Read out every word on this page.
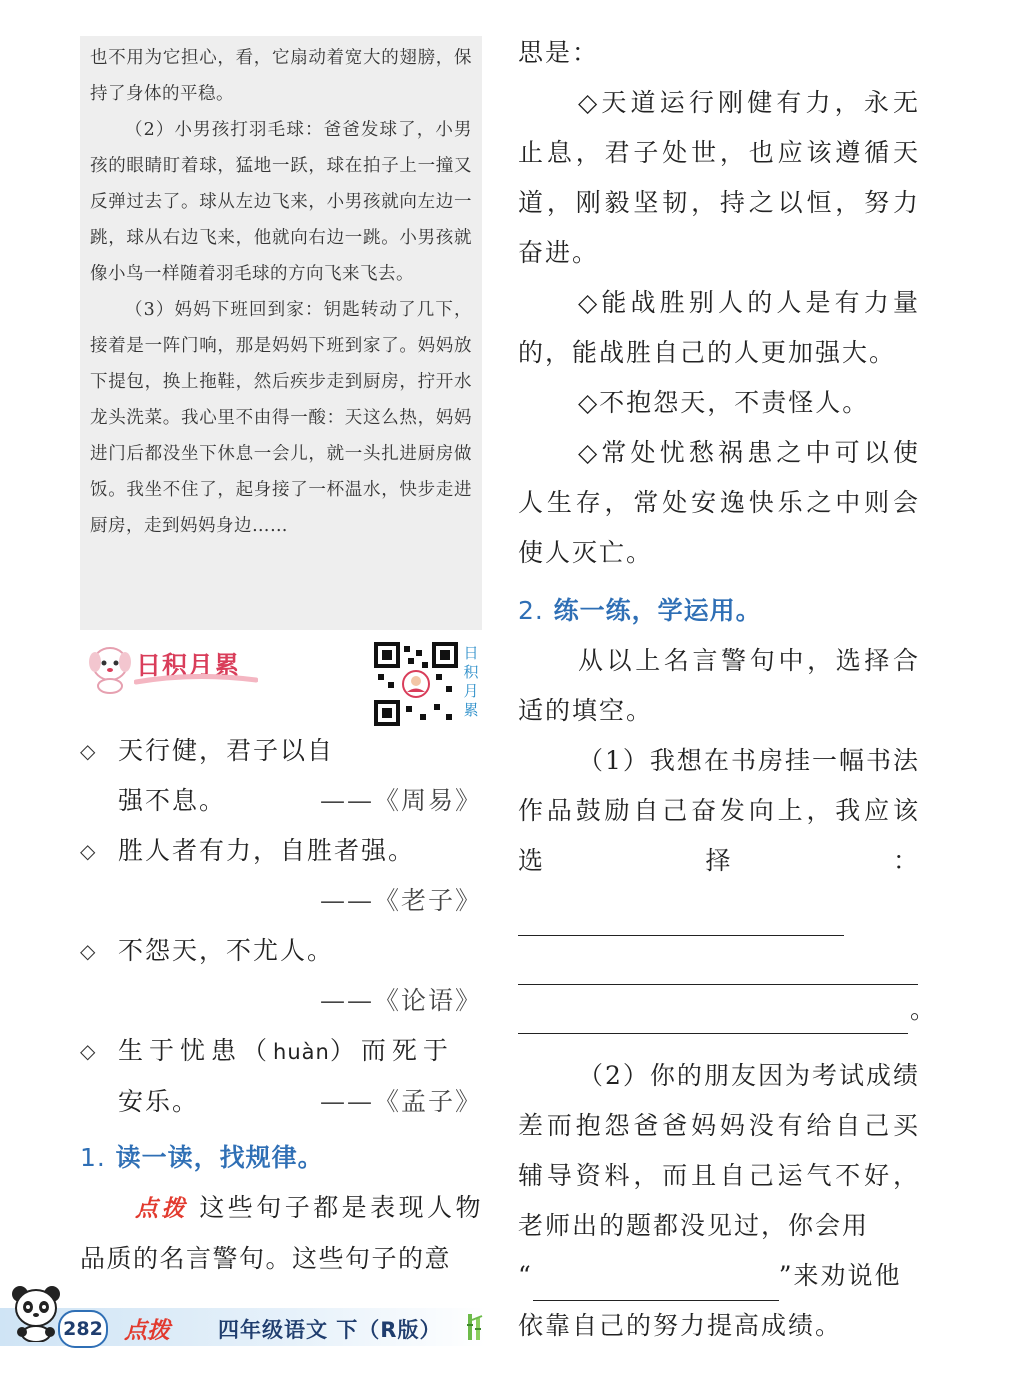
也不用为它担心，看，它扇动着宽大的翅膀，保持了身体的平稳。

（2）小男孩打羽毛球：爸爸发球了，小男孩的眼睛盯着球，猛地一跃，球在拍子上一撞又反弹过去了。球从左边飞来，小男孩就向左边一跳，球从右边飞来，他就向右边一跳。小男孩就像小鸟一样随着羽毛球的方向飞来飞去。

（3）妈妈下班回到家：钥匙转动了几下，接着是一阵门响，那是妈妈下班到家了。妈妈放下提包，换上拖鞋，然后疾步走到厨房，拧开水龙头洗菜。我心里不由得一酸：天这么热，妈妈进门后都没坐下休息一会儿，就一头扎进厨房做饭。我坐不住了，起身接了一杯温水，快步走进厨房，走到妈妈身边……

日积月累	日积月累
◇ 天行健，君子以自
强不息。	——《周易》
◇ 胜人者有力，自胜者强。
——《老子》
◇ 不怨天，不尤人。
——《论语》
◇ 生于忧患（huàn）而死于
安乐。	——《孟子》
1. 读一读，找规律。
点拨 这些句子都是表现人物品质的名言警句。这些句子的意

思是：

◇天道运行刚健有力，永无止息，君子处世，也应该遵循天道，刚毅坚韧，持之以恒，努力奋进。

◇能战胜别人的人是有力量的，能战胜自己的人更加强大。

◇不抱怨天，不责怪人。

◇常处忧愁祸患之中可以使人生存，常处安逸快乐之中则会使人灭亡。

2. 练一练，学运用。

从以上名言警句中，选择合适的填空。

（1）我想在书房挂一幅书法作品鼓励自己奋发向上，我应该选择：

。

（2）你的朋友因为考试成绩差而抱怨爸爸妈妈没有给自己买辅导资料，而且自己运气不好，老师出的题都没见过，你会用

“	”来劝说他

依靠自己的努力提高成绩。

282 点拨 四年级语文 下（R版）
